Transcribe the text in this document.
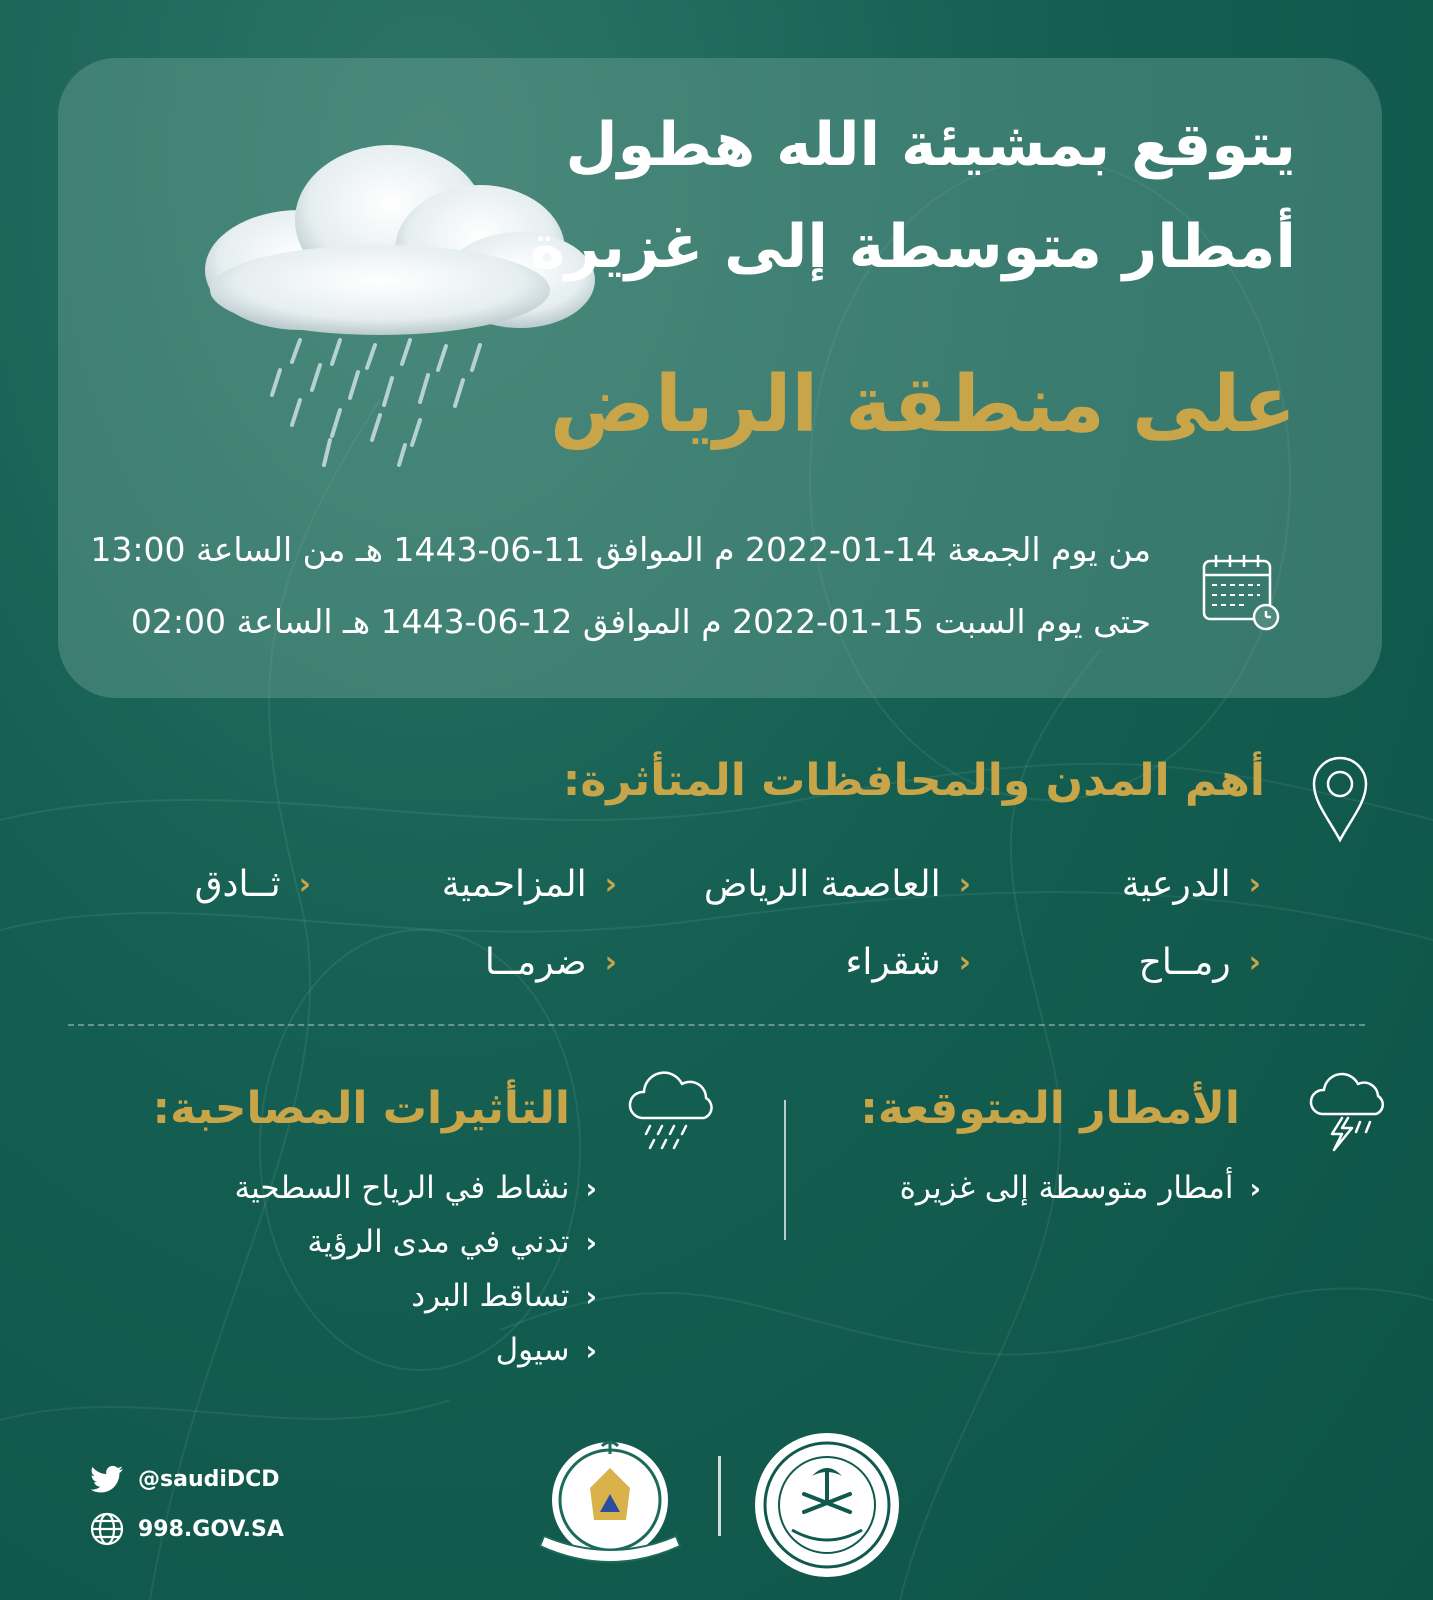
يتوقع بمشيئة الله هطول
أمطار متوسطة إلى غزيرة
على منطقة الرياض
من يوم الجمعة 14-01-2022 م الموافق 11-06-1443 هـ من الساعة 13:00
حتى يوم السبت 15-01-2022 م الموافق 12-06-1443 هـ الساعة 02:00
أهم المدن والمحافظات المتأثرة:
‹
الدرعية
‹
العاصمة الرياض
‹
المزاحمية
‹
ثــادق
‹
رمــاح
‹
شقراء
‹
ضرمــا
الأمطار المتوقعة:
‹
أمطار متوسطة إلى غزيرة
التأثيرات المصاحبة:
‹
نشاط في الرياح السطحية
‹
تدني في مدى الرؤية
‹
تساقط البرد
‹
سيول
@saudiDCD
998.GOV.SA
